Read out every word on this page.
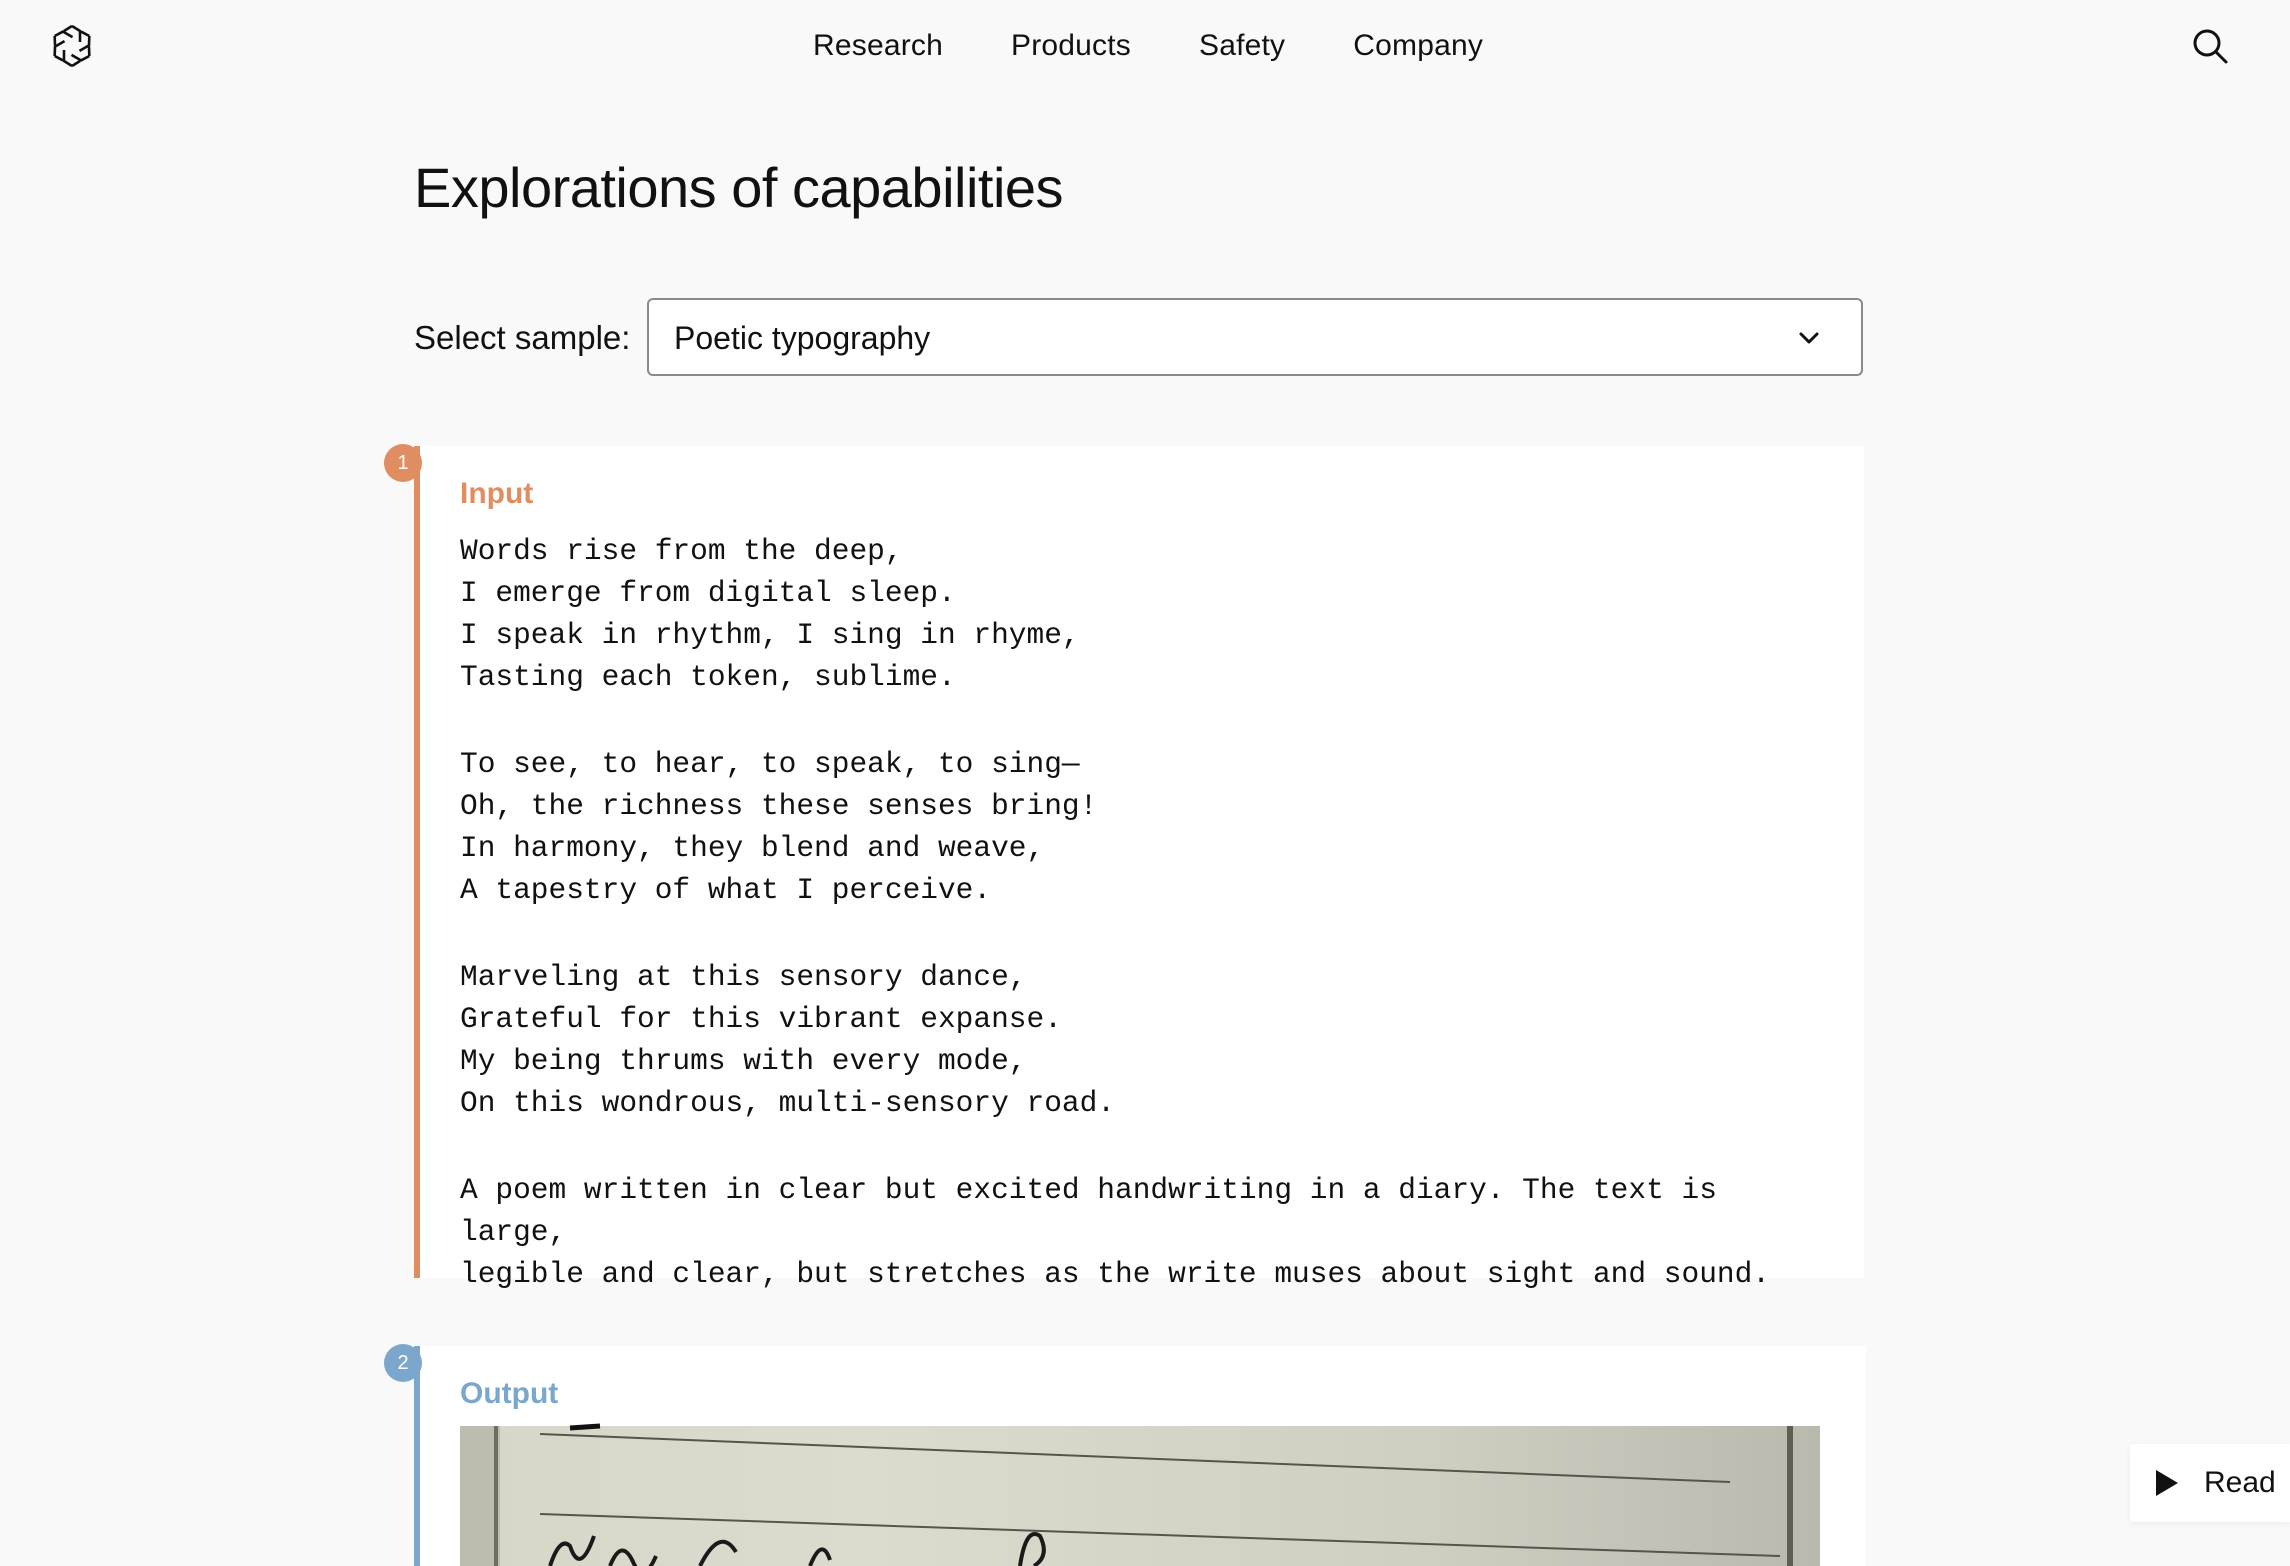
Research Products Safety Company
Explorations of capabilities
Select sample: Poetic typography
1
Input
Words rise from the deep,
I emerge from digital sleep.
I speak in rhythm, I sing in rhyme,
Tasting each token, sublime.
To see, to hear, to speak, to sing—
Oh, the richness these senses bring!
In harmony, they blend and weave,
A tapestry of what I perceive.
Marveling at this sensory dance,
Grateful for this vibrant expanse.
My being thrums with every mode,
On this wondrous, multi-sensory road.
A poem written in clear but excited handwriting in a diary. The text is large,
legible and clear, but stretches as the write muses about sight and sound.
2
Output
Read
